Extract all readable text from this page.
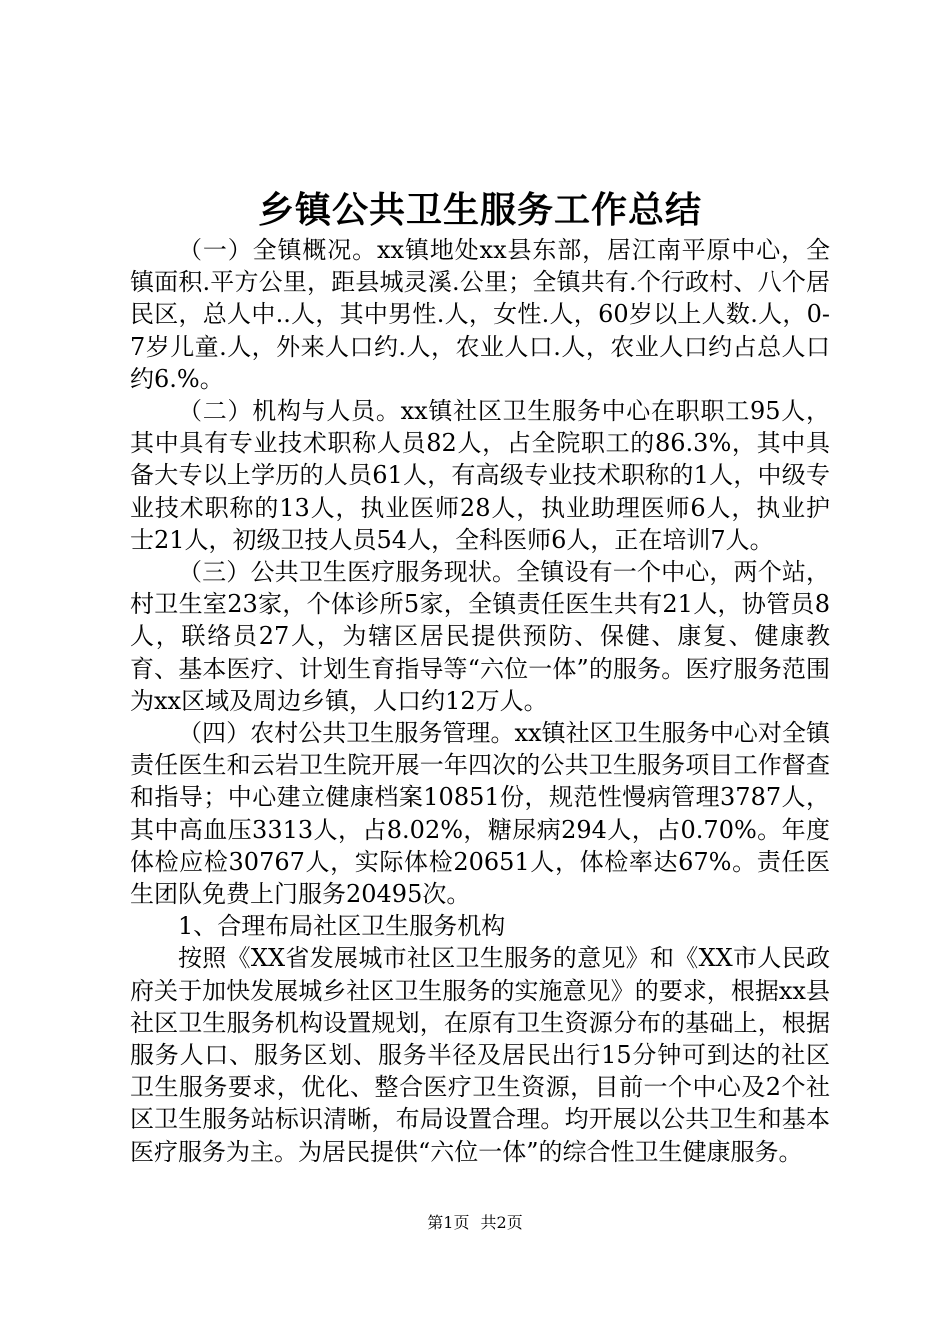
乡镇公共卫生服务工作总结

（一）全镇概况。xx镇地处xx县东部，居江南平原中心，全镇面积.平方公里，距县城灵溪.公里；全镇共有.个行政村、八个居民区，总人中..人，其中男性.人，女性.人，60岁以上人数.人，0-7岁儿童.人，外来人口约.人，农业人口.人，农业人口约占总人口约6.%。

（二）机构与人员。xx镇社区卫生服务中心在职职工95人，其中具有专业技术职称人员82人，占全院职工的86.3%，其中具备大专以上学历的人员61人，有高级专业技术职称的1人，中级专业技术职称的13人，执业医师28人，执业助理医师6人，执业护士21人，初级卫技人员54人，全科医师6人，正在培训7人。

（三）公共卫生医疗服务现状。全镇设有一个中心，两个站，村卫生室23家，个体诊所5家，全镇责任医生共有21人，协管员8人，联络员27人，为辖区居民提供预防、保健、康复、健康教育、基本医疗、计划生育指导等“六位一体”的服务。医疗服务范围为xx区域及周边乡镇，人口约12万人。

（四）农村公共卫生服务管理。xx镇社区卫生服务中心对全镇责任医生和云岩卫生院开展一年四次的公共卫生服务项目工作督查和指导；中心建立健康档案10851份，规范性慢病管理3787人，其中高血压3313人，占8.02%，糖尿病294人，占0.70%。年度体检应检30767人，实际体检20651人，体检率达67%。责任医生团队免费上门服务20495次。

1、合理布局社区卫生服务机构

按照《XX省发展城市社区卫生服务的意见》和《XX市人民政府关于加快发展城乡社区卫生服务的实施意见》的要求，根据xx县社区卫生服务机构设置规划，在原有卫生资源分布的基础上，根据服务人口、服务区划、服务半径及居民出行15分钟可到达的社区卫生服务要求，优化、整合医疗卫生资源，目前一个中心及2个社区卫生服务站标识清晰，布局设置合理。均开展以公共卫生和基本医疗服务为主。为居民提供“六位一体”的综合性卫生健康服务。

第1页 共2页
